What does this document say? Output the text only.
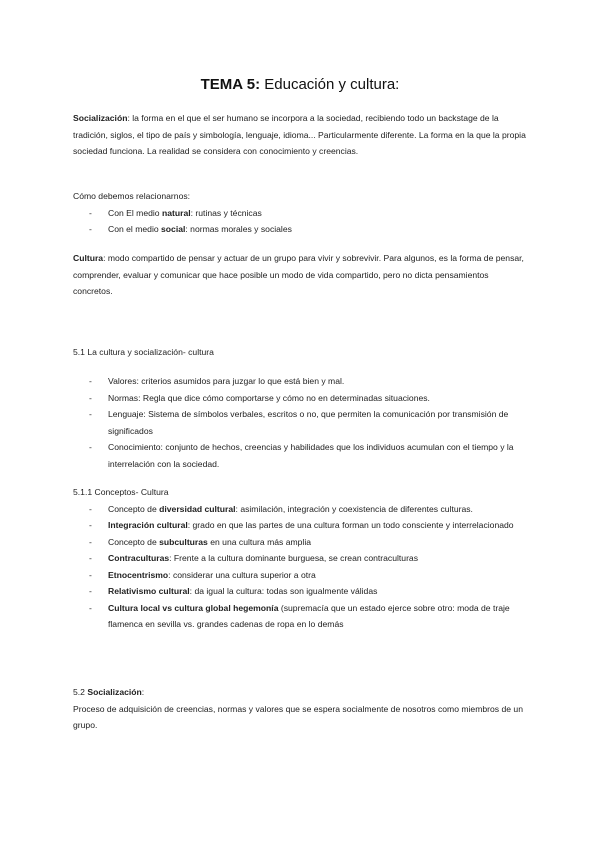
TEMA 5: Educación y cultura:

Socialización: la forma en el que el ser humano se incorpora a la sociedad, recibiendo todo un backstage de la tradición, siglos, el tipo de país y simbología, lenguaje, idioma... Particularmente diferente. La forma en la que la propia sociedad funciona. La realidad se considera con conocimiento y creencias.

Cómo debemos relacionarnos:

- Con El medio natural: rutinas y técnicas
- Con el medio social: normas morales y sociales

Cultura: modo compartido de pensar y actuar de un grupo para vivir y sobrevivir. Para algunos, es la forma de pensar, comprender, evaluar y comunicar que hace posible un modo de vida compartido, pero no dicta pensamientos concretos.

5.1 La cultura y socialización- cultura

- Valores: criterios asumidos para juzgar lo que está bien y mal.
- Normas: Regla que dice cómo comportarse y cómo no en determinadas situaciones.
- Lenguaje: Sistema de símbolos verbales, escritos o no, que permiten la comunicación por transmisión de significados
- Conocimiento: conjunto de hechos, creencias y habilidades que los individuos acumulan con el tiempo y la interrelación con la sociedad.

5.1.1 Conceptos- Cultura

- Concepto de diversidad cultural: asimilación, integración y coexistencia de diferentes culturas.
- Integración cultural: grado en que las partes de una cultura forman un todo consciente y interrelacionado
- Concepto de subculturas en una cultura más amplia
- Contraculturas: Frente a la cultura dominante burguesa, se crean contraculturas
- Etnocentrismo: considerar una cultura superior a otra
- Relativismo cultural: da igual la cultura: todas son igualmente válidas
- Cultura local vs cultura global hegemonía (supremacía que un estado ejerce sobre otro: moda de traje flamenca en sevilla vs. grandes cadenas de ropa en lo demás

5.2 Socialización:

Proceso de adquisición de creencias, normas y valores que se espera socialmente de nosotros como miembros de un grupo.
